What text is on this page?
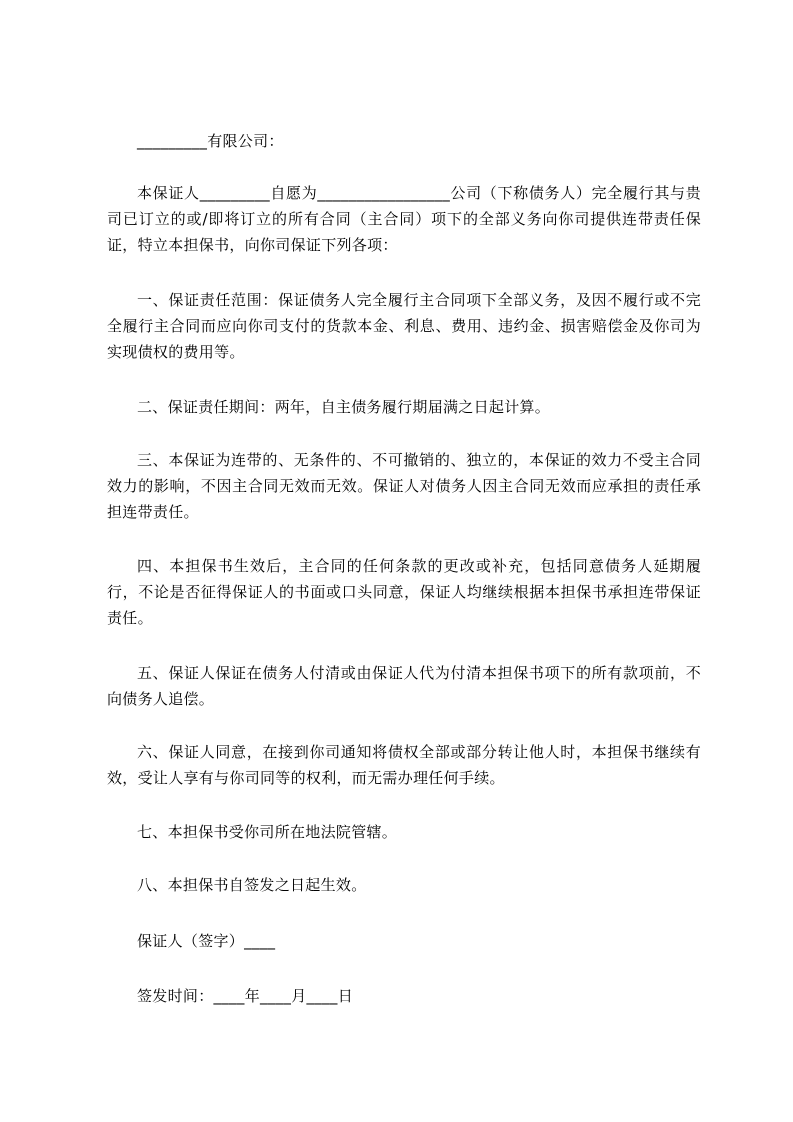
_________有限公司：

本保证人_________自愿为_________________公司（下称债务人）完全履行其与贵司已订立的或/即将订立的所有合同（主合同）项下的全部义务向你司提供连带责任保证，特立本担保书，向你司保证下列各项：

一、保证责任范围：保证债务人完全履行主合同项下全部义务，及因不履行或不完全履行主合同而应向你司支付的货款本金、利息、费用、违约金、损害赔偿金及你司为实现债权的费用等。

二、保证责任期间：两年，自主债务履行期届满之日起计算。

三、本保证为连带的、无条件的、不可撤销的、独立的，本保证的效力不受主合同效力的影响，不因主合同无效而无效。保证人对债务人因主合同无效而应承担的责任承担连带责任。

四、本担保书生效后，主合同的任何条款的更改或补充，包括同意债务人延期履行，不论是否征得保证人的书面或口头同意，保证人均继续根据本担保书承担连带保证责任。

五、保证人保证在债务人付清或由保证人代为付清本担保书项下的所有款项前，不向债务人追偿。

六、保证人同意，在接到你司通知将债权全部或部分转让他人时，本担保书继续有效，受让人享有与你司同等的权利，而无需办理任何手续。

七、本担保书受你司所在地法院管辖。

八、本担保书自签发之日起生效。

保证人（签字）____
签发时间：____年____月____日
